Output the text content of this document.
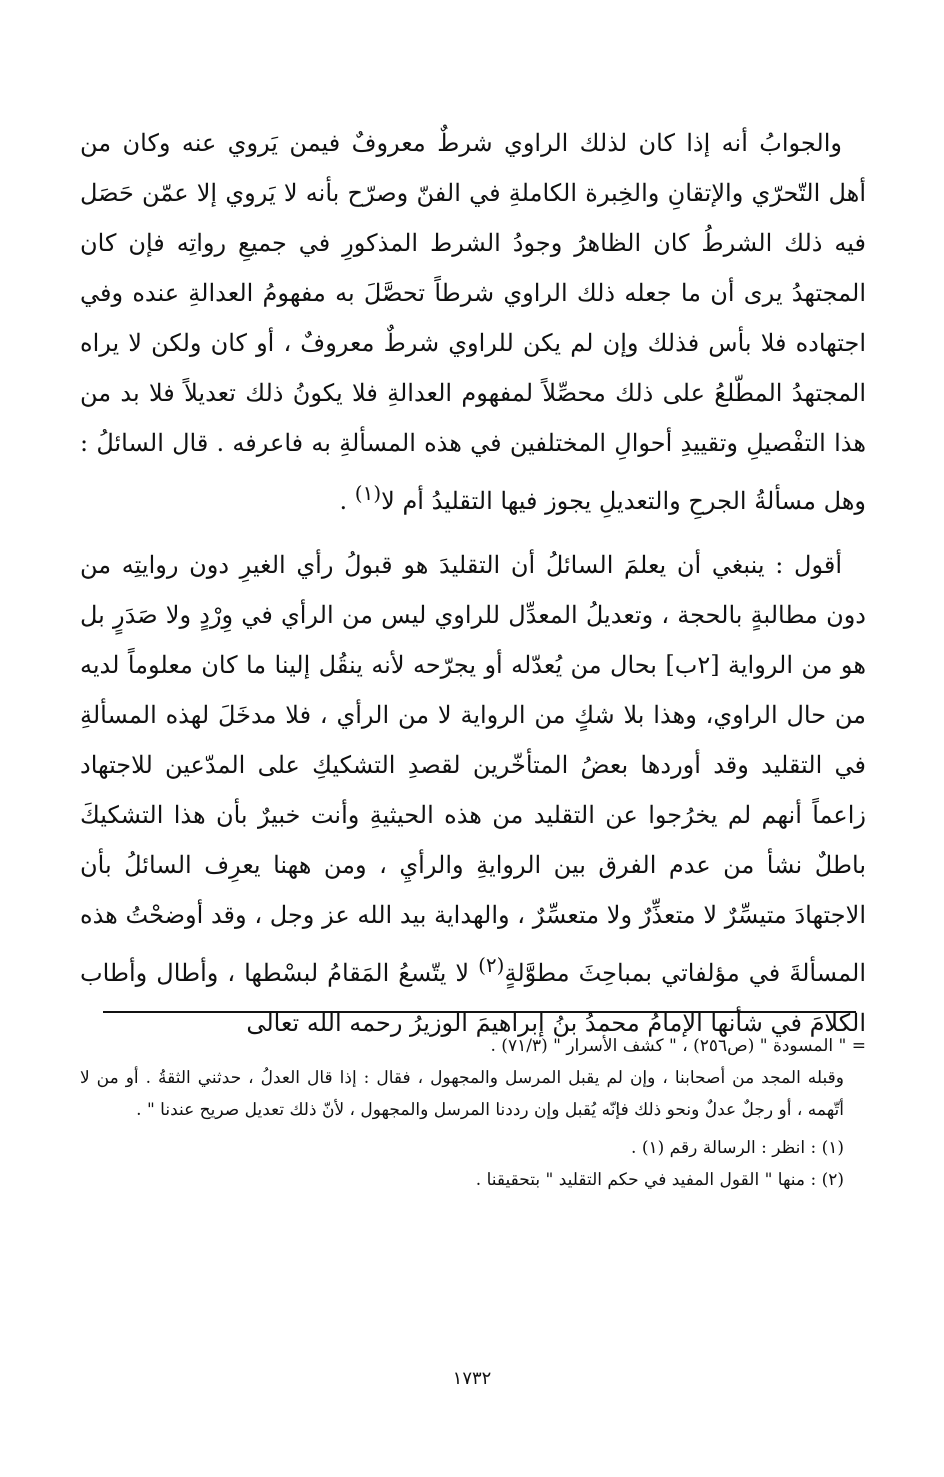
والجوابُ أنه إذا كان لذلك الراوي شرطٌ معروفٌ فيمن يَروي عنه وكان من أهل التّحرّي والإتقانِ والخِبرة الكاملةِ في الفنّ وصرّح بأنه لا يَروي إلا عمّن حَصَل فيه ذلك الشرطُ كان الظاهرُ وجودُ الشرط المذكورِ في جميعِ رواتِه فإن كان المجتهدُ يرى أن ما جعله ذلك الراوي شرطاً تحصَّلَ به مفهومُ العدالةِ عنده وفي اجتهاده فلا بأس فذلك وإن لم يكن للراوي شرطٌ معروفٌ ، أو كان ولكن لا يراه المجتهدُ المطّلعُ على ذلك محصِّلاً لمفهوم العدالةِ فلا يكونُ ذلك تعديلاً فلا بد من هذا التفْصيلِ وتقييدِ أحوالِ المختلفين في هذه المسألةِ به فاعرفه . قال السائلُ : وهل مسألةُ الجرحِ والتعديلِ يجوز فيها التقليدُ أم لا$^{(١)}$ .

أقول : ينبغي أن يعلمَ السائلُ أن التقليدَ هو قبولُ رأي الغيرِ دون روايتِه من دون مطالبةٍ بالحجة ، وتعديلُ المعدِّل للراوي ليس من الرأي في وِرْدٍ ولا صَدَرٍ بل هو من الرواية [٢ب] بحال من يُعدّله أو يجرّحه لأنه ينقُل إلينا ما كان معلوماً لديه من حال الراوي، وهذا بلا شكٍ من الرواية لا من الرأي ، فلا مدخَلَ لهذه المسألةِ في التقليد وقد أوردها بعضُ المتأخّرين لقصدِ التشكيكِ على المدّعين للاجتهاد زاعماً أنهم لم يخرُجوا عن التقليد من هذه الحيثيةِ وأنت خبيرٌ بأن هذا التشكيكَ باطلٌ نشأ من عدم الفرق بين الروايةِ والرأيِ ، ومن ههنا يعرِف السائلُ بأن الاجتهادَ متيسِّرٌ لا متعذِّرٌ ولا متعسِّرٌ ، والهداية بيد الله عز وجل ، وقد أوضحْتُ هذه المسألةَ في مؤلفاتي بمباحِثَ مطوَّلةٍ$^{(٢)}$ لا يتّسعُ المَقامُ لبسْطها ، وأطال وأطاب الكلامَ في شأنها الإمامُ محمدُ بنُ إبراهيمَ الوزيرُ رحمه الله تعالى

= " المسودة " (ص٢٥٦) ، " كشف الأسرار " (٧١/٣) .

وقبله المجد من أصحابنا ، وإن لم يقبل المرسل والمجهول ، فقال : إذا قال العدلُ ، حدثني الثقةُ . أو من لا أتّهمه ، أو رجلٌ عدلٌ ونحو ذلك فإنّه يُقبل وإن رددنا المرسل والمجهول ، لأنّ ذلك تعديل صريح عندنا " .

(١) : انظر : الرسالة رقم (١) .

(٢) : منها " القول المفيد في حكم التقليد " بتحقيقنا .

١٧٣٢
